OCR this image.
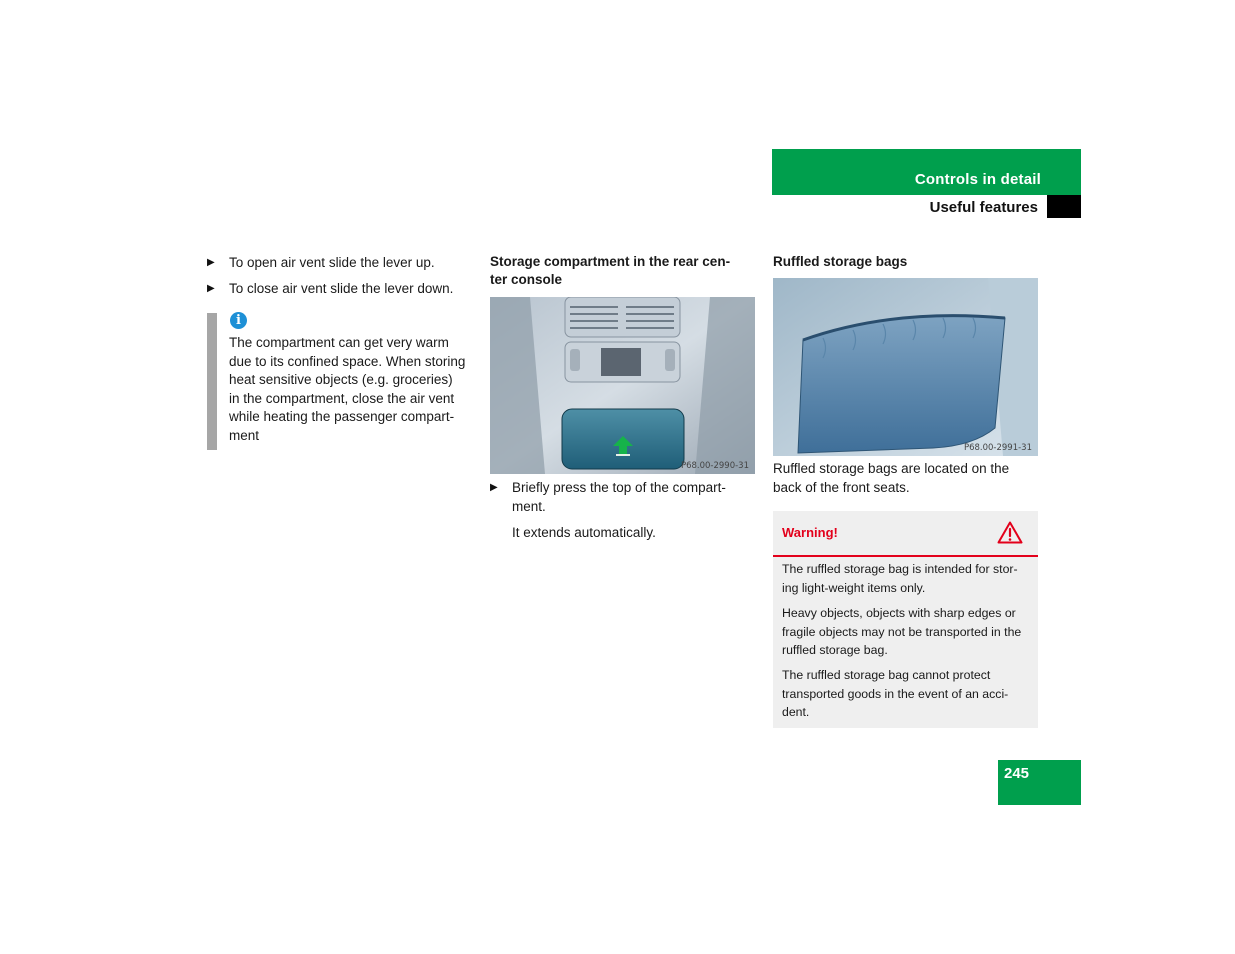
Controls in detail
Useful features
▶	To open air vent slide the lever up.
▶	To close air vent slide the lever down.
i
The compartment can get very warm
due to its confined space. When storing
heat sensitive objects (e.g. groceries)
in the compartment, close the air vent
while heating the passenger compart-
ment
Storage compartment in the rear cen-
ter console
P68.00-2990-31
▶	Briefly press the top of the compart-
ment.
It extends automatically.
Ruffled storage bags
P68.00-2991-31
Ruffled storage bags are located on the
back of the front seats.
Warning!
The ruffled storage bag is intended for stor-
ing light-weight items only.
Heavy objects, objects with sharp edges or
fragile objects may not be transported in the
ruffled storage bag.
The ruffled storage bag cannot protect
transported goods in the event of an acci-
dent.
245
